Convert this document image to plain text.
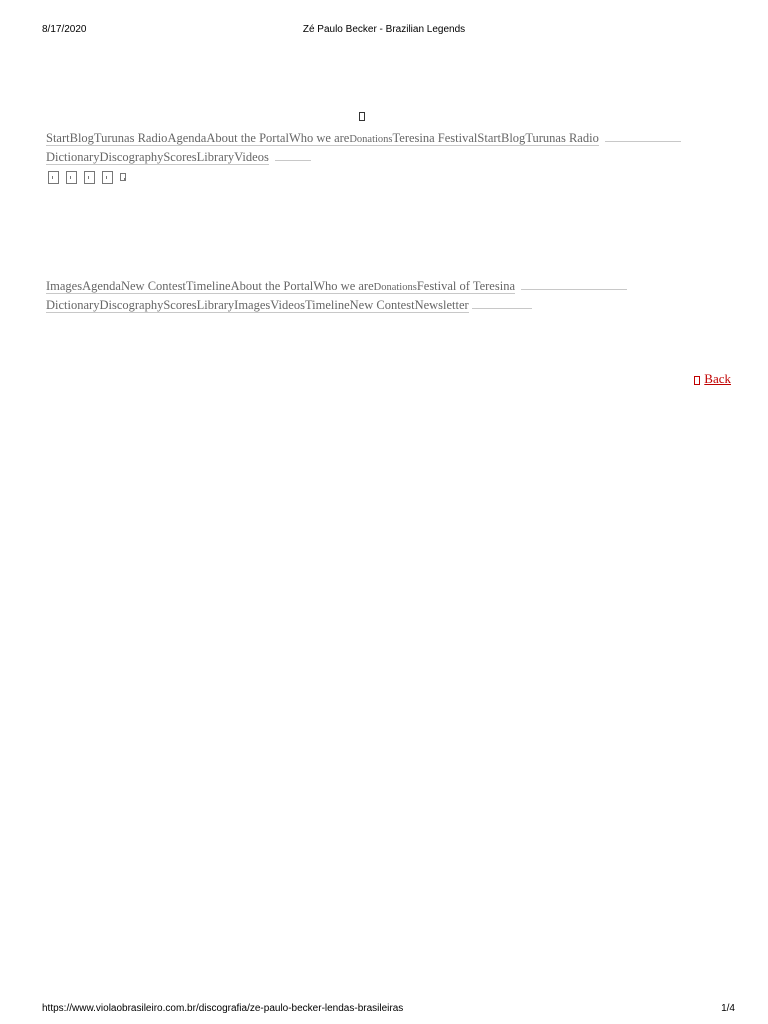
8/17/2020	Zé Paulo Becker - Brazilian Legends
StartBlogTurunas RadioAgendaAbout the PortalWho we areDonationsTeresina FestivalStartBlogTurunas Radio
DictionaryDiscographyScoresLibraryVideos
ImagesAgendaNew ContestTimelineAbout the PortalWho we areDonationsFestival of Teresina
DictionaryDiscographyScoresLibraryImagesVideosTimelineNew ContestNewsletter
Back
https://www.violaobrasileiro.com.br/discografia/ze-paulo-becker-lendas-brasileiras	1/4
